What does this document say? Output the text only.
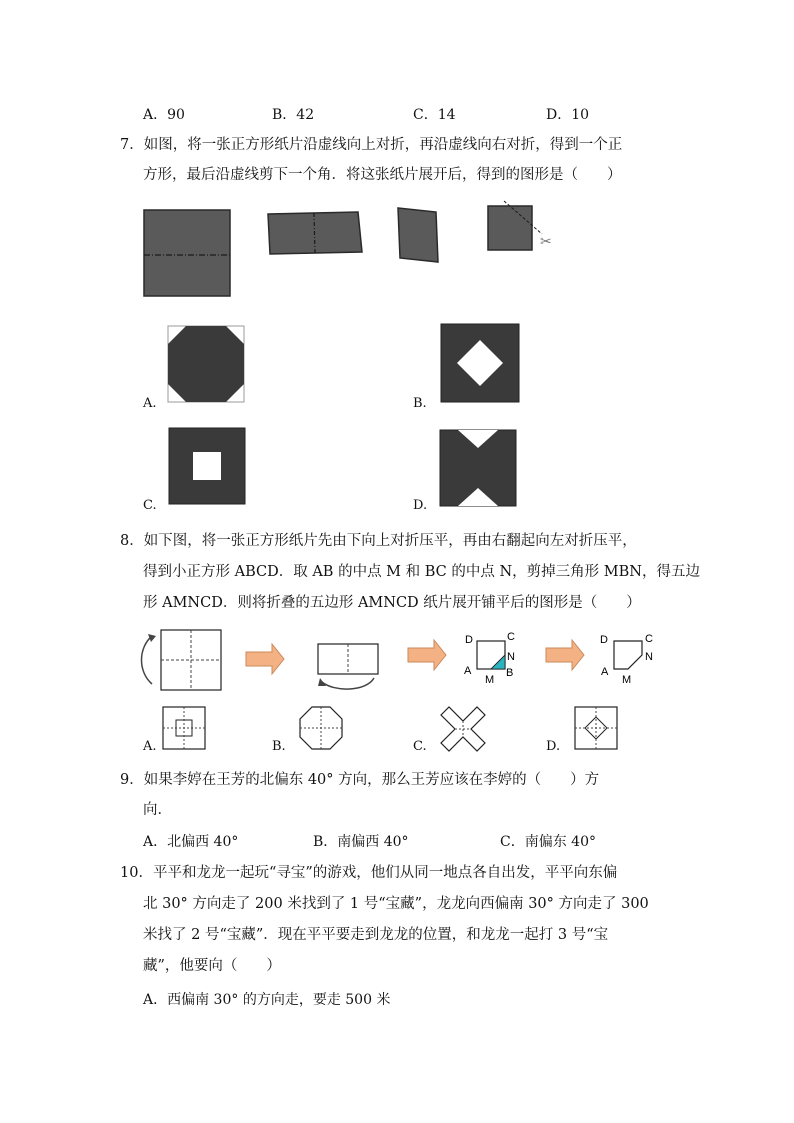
A．90	B．42	C．14	D．10
7．如图，将一张正方形纸片沿虚线向上对折，再沿虚线向右对折，得到一个正
方形，最后沿虚线剪下一个角．将这张纸片展开后，得到的图形是（　　）
✂
A.	B.
C.	D.
8．如下图，将一张正方形纸片先由下向上对折压平，再由右翻起向左对折压平，
得到小正方形 ABCD．取 AB 的中点 M 和 BC 的中点 N，剪掉三角形 MBN，得五边
形 AMNCD．则将折叠的五边形 AMNCD 纸片展开铺平后的图形是（　　）
D	C
N
A
M
B
D	C
N
A
M
A.	B.	C.	D.
9．如果李婷在王芳的北偏东 40° 方向，那么王芳应该在李婷的（　　）方
向．
A．北偏西 40°	B．南偏西 40°	C．南偏东 40°
10．平平和龙龙一起玩“寻宝”的游戏，他们从同一地点各自出发，平平向东偏
北 30° 方向走了 200 米找到了 1 号“宝藏”，龙龙向西偏南 30° 方向走了 300
米找了 2 号“宝藏”．现在平平要走到龙龙的位置，和龙龙一起打 3 号“宝
藏”，他要向（　　）
A．西偏南 30° 的方向走，要走 500 米
